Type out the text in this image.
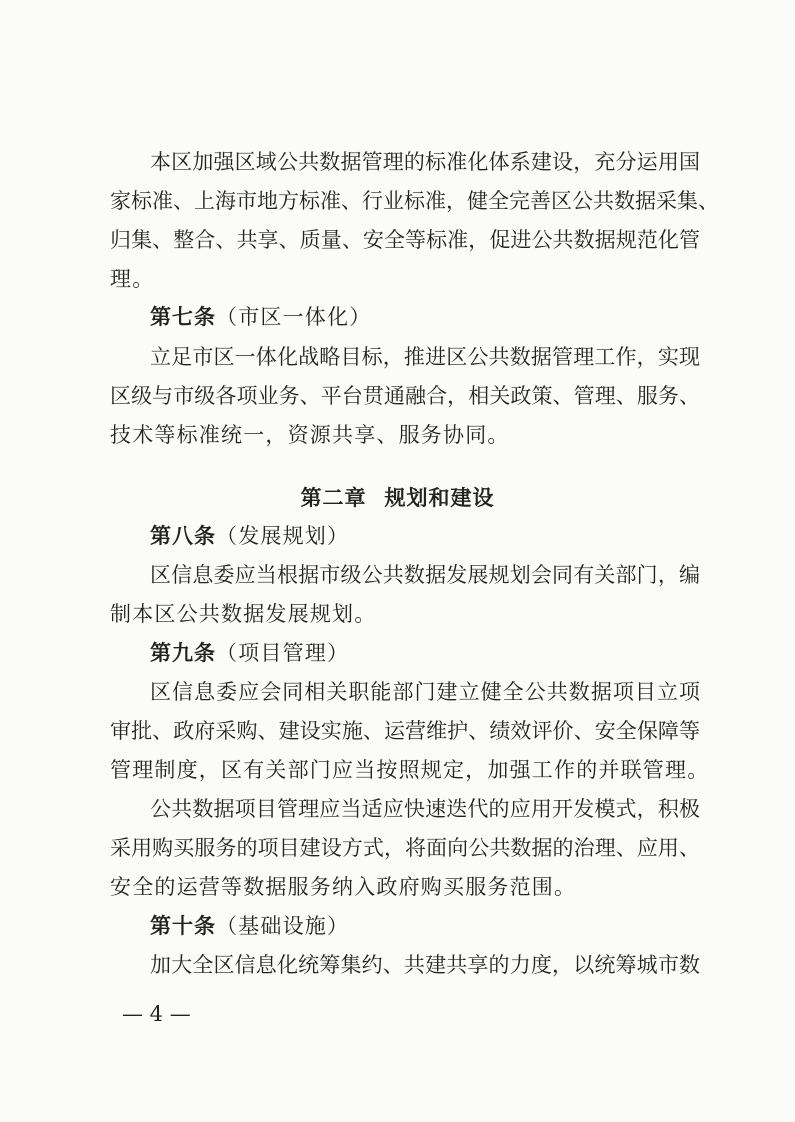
本区加强区域公共数据管理的标准化体系建设，充分运用国
家标准、上海市地方标准、行业标准，健全完善区公共数据采集、
归集、整合、共享、质量、安全等标准，促进公共数据规范化管
理。
第七条（市区一体化）
立足市区一体化战略目标，推进区公共数据管理工作，实现
区级与市级各项业务、平台贯通融合，相关政策、管理、服务、
技术等标准统一，资源共享、服务协同。
第二章 规划和建设
第八条（发展规划）
区信息委应当根据市级公共数据发展规划会同有关部门，编
制本区公共数据发展规划。
第九条（项目管理）
区信息委应会同相关职能部门建立健全公共数据项目立项
审批、政府采购、建设实施、运营维护、绩效评价、安全保障等
管理制度，区有关部门应当按照规定，加强工作的并联管理。
公共数据项目管理应当适应快速迭代的应用开发模式，积极
采用购买服务的项目建设方式，将面向公共数据的治理、应用、
安全的运营等数据服务纳入政府购买服务范围。
第十条（基础设施）
加大全区信息化统筹集约、共建共享的力度，以统筹城市数
— 4 —
